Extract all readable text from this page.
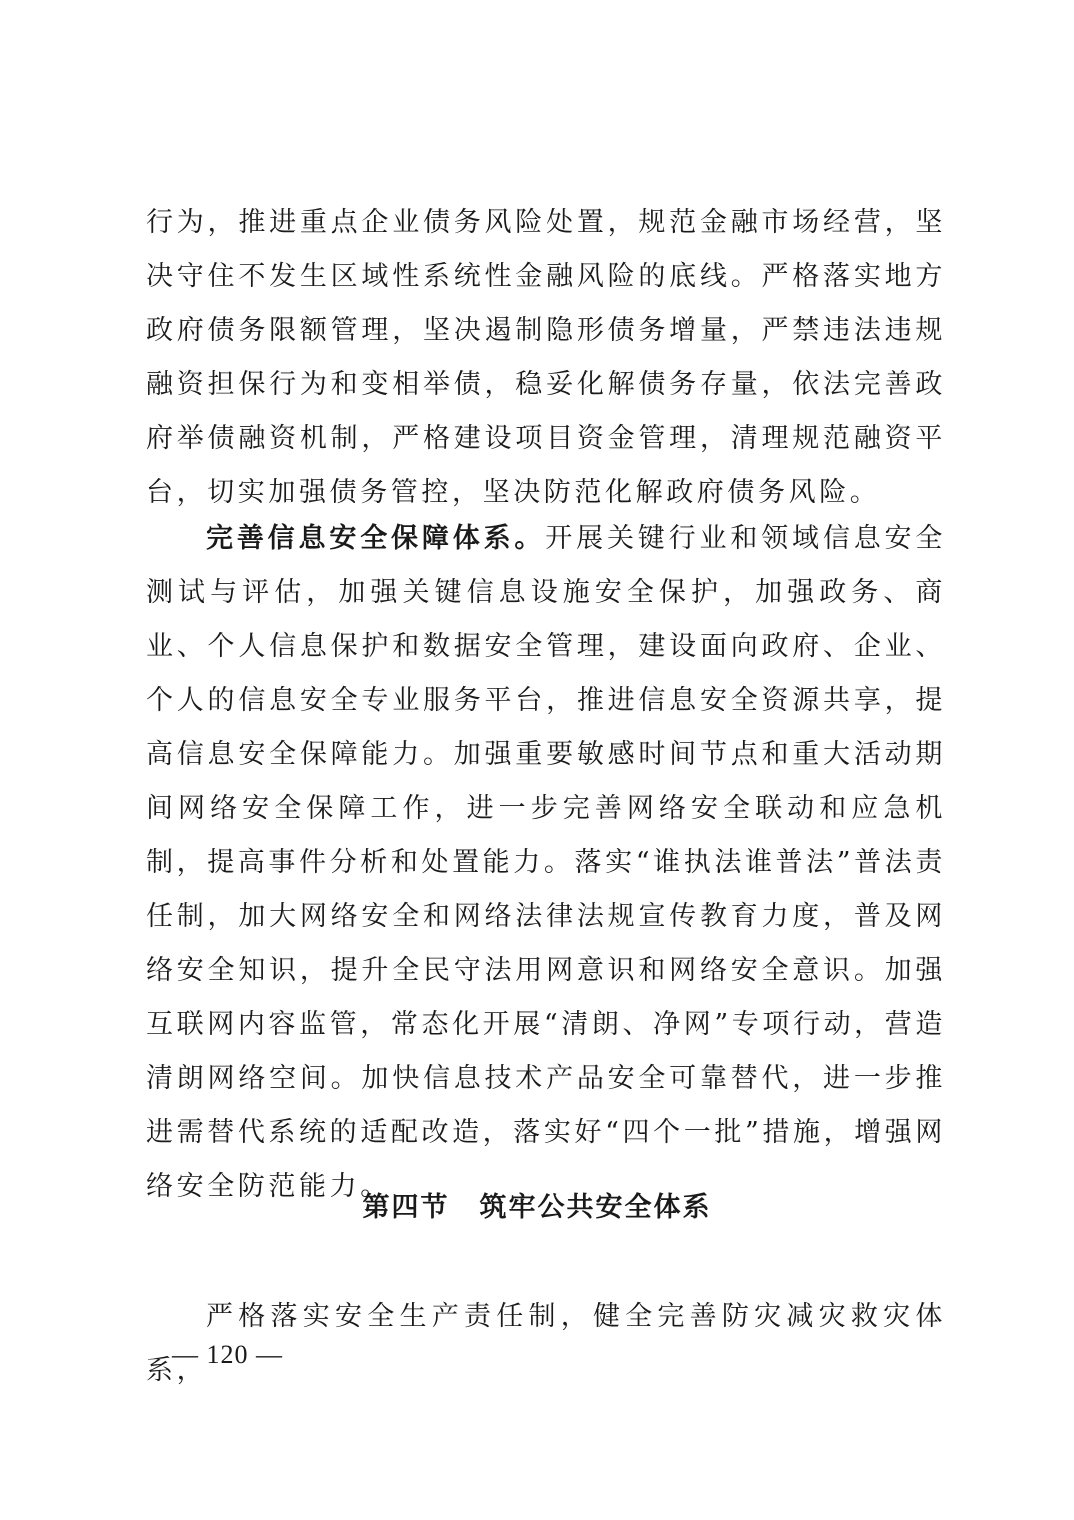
行为，推进重点企业债务风险处置，规范金融市场经营，坚决守住不发生区域性系统性金融风险的底线。严格落实地方政府债务限额管理，坚决遏制隐形债务增量，严禁违法违规融资担保行为和变相举债，稳妥化解债务存量，依法完善政府举债融资机制，严格建设项目资金管理，清理规范融资平台，切实加强债务管控，坚决防范化解政府债务风险。
完善信息安全保障体系。开展关键行业和领域信息安全测试与评估，加强关键信息设施安全保护，加强政务、商业、个人信息保护和数据安全管理，建设面向政府、企业、个人的信息安全专业服务平台，推进信息安全资源共享，提高信息安全保障能力。加强重要敏感时间节点和重大活动期间网络安全保障工作，进一步完善网络安全联动和应急机制，提高事件分析和处置能力。落实“谁执法谁普法”普法责任制，加大网络安全和网络法律法规宣传教育力度，普及网络安全知识，提升全民守法用网意识和网络安全意识。加强互联网内容监管，常态化开展“清朗、净网”专项行动，营造清朗网络空间。加快信息技术产品安全可靠替代，进一步推进需替代系统的适配改造，落实好“四个一批”措施，增强网络安全防范能力。
第四节 筑牢公共安全体系
严格落实安全生产责任制，健全完善防灾减灾救灾体系，
— 120 —
